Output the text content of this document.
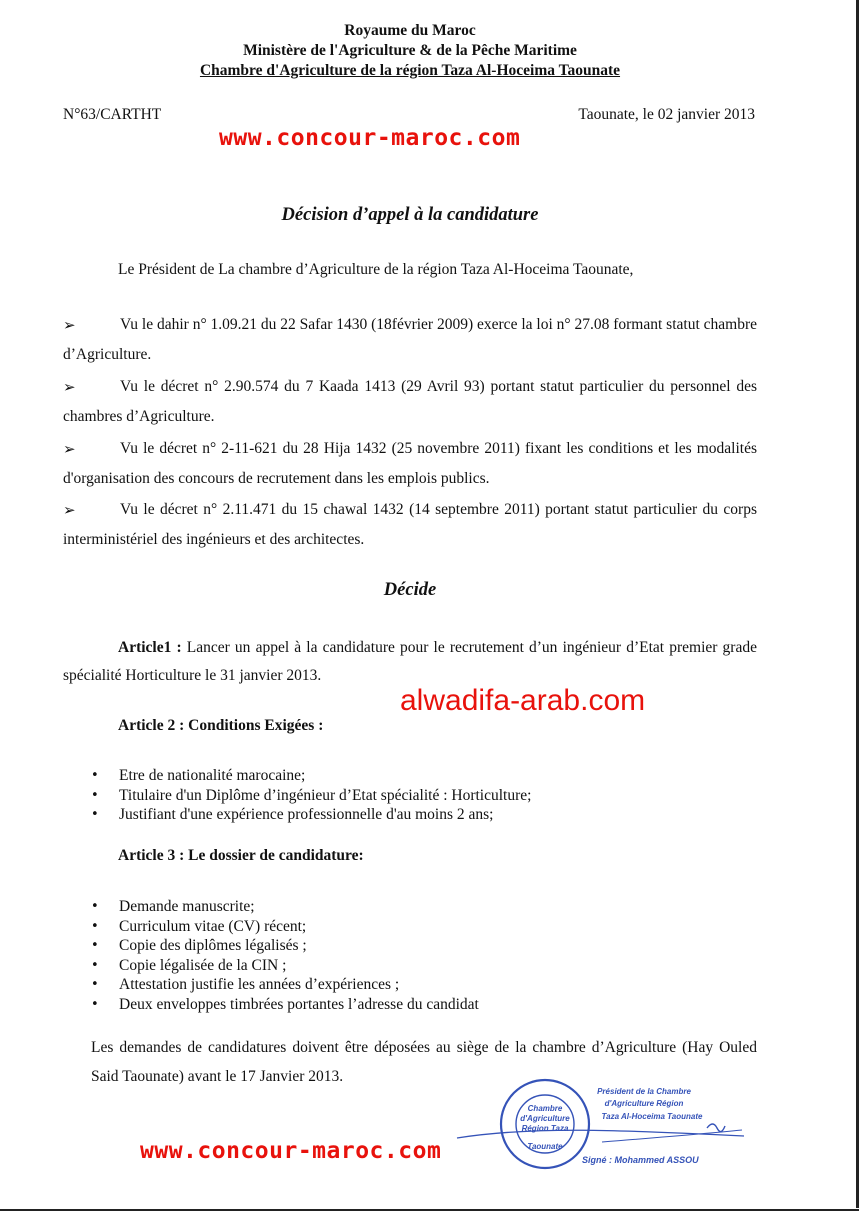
Royaume du Maroc
Ministère de l'Agriculture & de la Pêche Maritime
Chambre d'Agriculture de la région Taza Al-Hoceima Taounate
N°63/CARTHT	Taounate, le 02 janvier 2013
www.concour-maroc.com
Décision d’appel à la candidature
Le Président de La chambre d’Agriculture de la région Taza Al-Hoceima Taounate,
➢	Vu le dahir n° 1.09.21 du 22 Safar 1430 (18février 2009) exerce la loi n° 27.08 formant statut chambre d’Agriculture.
➢	Vu le décret n° 2.90.574 du 7 Kaada 1413 (29 Avril 93) portant statut particulier du personnel des chambres d’Agriculture.
➢	Vu le décret n° 2-11-621 du 28 Hija 1432 (25 novembre 2011) fixant les conditions et les modalités d'organisation des concours de recrutement dans les emplois publics.
➢	Vu le décret n° 2.11.471 du 15 chawal 1432 (14 septembre 2011) portant statut particulier du corps interministériel des ingénieurs et des architectes.
Décide
Article1 : Lancer un appel à la candidature pour le recrutement d’un ingénieur d’Etat premier grade spécialité Horticulture le 31 janvier 2013.
alwadifa-arab.com
Article 2 : Conditions Exigées :
• Etre de nationalité marocaine;
• Titulaire d'un Diplôme d’ingénieur d’Etat spécialité : Horticulture;
• Justifiant d'une expérience professionnelle d'au moins 2 ans;
Article 3 : Le dossier de candidature:
• Demande manuscrite;
• Curriculum vitae (CV) récent;
• Copie des diplômes légalisés ;
• Copie légalisée de la CIN ;
• Attestation justifie les années d’expériences ;
• Deux enveloppes timbrées portantes l’adresse du candidat
Les demandes de candidatures doivent être déposées au siège de la chambre d’Agriculture (Hay Ouled Said Taounate) avant le 17 Janvier 2013.
Chambre
d'Agriculture
Région Taza
Taounate
Président de la Chambre
d'Agriculture Région
Taza Al-Hoceima Taounate
Signé : Mohammed ASSOU
www.concour-maroc.com
